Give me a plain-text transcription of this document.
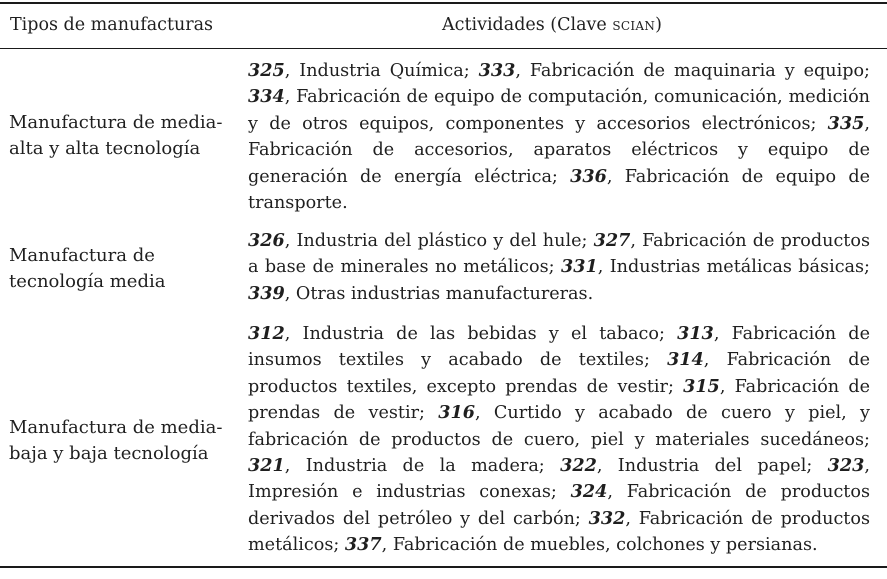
Tipos de manufacturas	Actividades (Clave scian)
Manufactura de media-alta y alta tecnología
325, Industria Química; 333, Fabricación de maquinaria y equipo; 334, Fabricación de equipo de computación, comunicación, medición y de otros equipos, componentes y accesorios electrónicos; 335, Fabricación de accesorios, aparatos eléctricos y equipo de generación de energía eléctrica; 336, Fabricación de equipo de transporte.
Manufactura de tecnología media
326, Industria del plástico y del hule; 327, Fabricación de productos a base de minerales no metálicos; 331, Industrias metálicas básicas; 339, Otras industrias manufactureras.
Manufactura de media-baja y baja tecnología
312, Industria de las bebidas y el tabaco; 313, Fabricación de insumos textiles y acabado de textiles; 314, Fabricación de productos textiles, excepto prendas de vestir; 315, Fabricación de prendas de vestir; 316, Curtido y acabado de cuero y piel, y fabricación de productos de cuero, piel y materiales sucedáneos; 321, Industria de la madera; 322, Industria del papel; 323, Impresión e industrias conexas; 324, Fabricación de productos derivados del petróleo y del carbón; 332, Fabricación de productos metálicos; 337, Fabricación de muebles, colchones y persianas.
